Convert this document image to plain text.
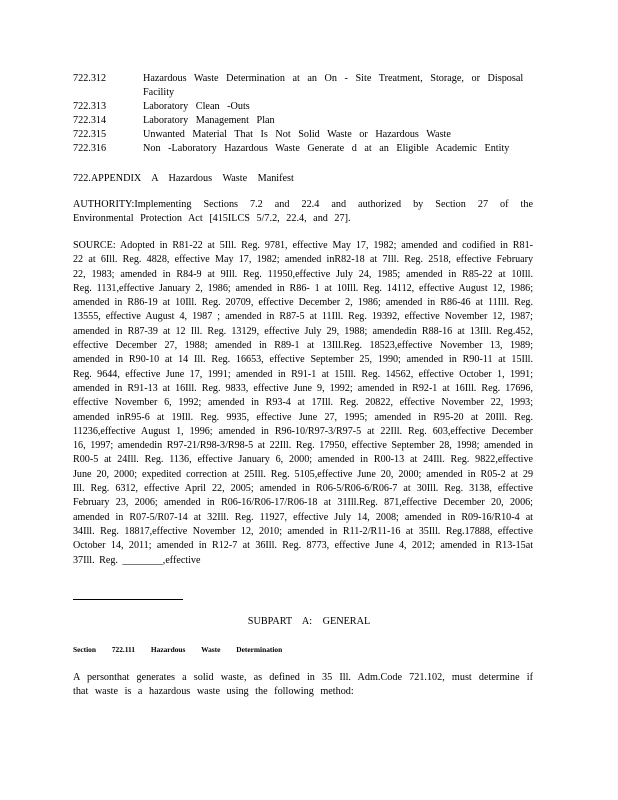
722.312	Hazardous Waste Determination at an On - Site Treatment, Storage, or Disposal Facility
722.313	Laboratory Clean -Outs
722.314	Laboratory Management Plan
722.315	Unwanted Material That Is Not Solid Waste or Hazardous Waste
722.316	Non -Laboratory Hazardous Waste Generate d at an Eligible Academic Entity
722.APPENDIX A Hazardous Waste Manifest
AUTHORITY:Implementing Sections 7.2 and 22.4 and authorized by Section 27 of the Environmental Protection Act [415ILCS 5/7.2, 22.4, and 27].
SOURCE: Adopted in R81-22 at 5Ill. Reg. 9781, effective May 17, 1982; amended and codified in R81-22 at 6Ill. Reg. 4828, effective May 17, 1982; amended inR82-18 at 7Ill. Reg. 2518, effective February 22, 1983; amended in R84-9 at 9Ill. Reg. 11950,effective July 24, 1985; amended in R85-22 at 10Ill. Reg. 1131,effective January 2, 1986; amended in R86- 1 at 10Ill. Reg. 14112, effective August 12, 1986; amended in R86-19 at 10Ill. Reg. 20709, effective December 2, 1986; amended in R86-46 at 11Ill. Reg. 13555, effective August 4, 1987 ; amended in R87-5 at 11Ill. Reg. 19392, effective November 12, 1987; amended in R87-39 at 12 Ill. Reg. 13129, effective July 29, 1988; amendedin R88-16 at 13Ill. Reg.452, effective December 27, 1988; amended in R89-1 at 13Ill.Reg. 18523,effective November 13, 1989; amended in R90-10 at 14 Ill. Reg. 16653, effective September 25, 1990; amended in R90-11 at 15Ill. Reg. 9644, effective June 17, 1991; amended in R91-1 at 15Ill. Reg. 14562, effective October 1, 1991; amended in R91-13 at 16Ill. Reg. 9833, effective June 9, 1992; amended in R92-1 at 16Ill. Reg. 17696, effective November 6, 1992; amended in R93-4 at 17Ill. Reg. 20822, effective November 22, 1993; amended inR95-6 at 19Ill. Reg. 9935, effective June 27, 1995; amended in R95-20 at 20Ill. Reg. 11236,effective August 1, 1996; amended in R96-10/R97-3/R97-5 at 22Ill. Reg. 603,effective December 16, 1997; amendedin R97-21/R98-3/R98-5 at 22Ill. Reg. 17950, effective September 28, 1998; amended in R00-5 at 24Ill. Reg. 1136, effective January 6, 2000; amended in R00-13 at 24Ill. Reg. 9822,effective June 20, 2000; expedited correction at 25Ill. Reg. 5105,effective June 20, 2000; amended in R05-2 at 29 Ill. Reg. 6312, effective April 22, 2005; amended in R06-5/R06-6/R06-7 at 30Ill. Reg. 3138, effective February 23, 2006; amended in R06-16/R06-17/R06-18 at 31Ill.Reg. 871,effective December 20, 2006; amended in R07-5/R07-14 at 32Ill. Reg. 11927, effective July 14, 2008; amended in R09-16/R10-4 at 34Ill. Reg. 18817,effective November 12, 2010; amended in R11-2/R11-16 at 35Ill. Reg.17888, effective October 14, 2011; amended in R12-7 at 36Ill. Reg. 8773, effective June 4, 2012; amended in R13-15at 37Ill. Reg. ________,effective
SUBPART A: GENERAL
Section 722.111 Hazardous Waste Determination
A personthat generates a solid waste, as defined in 35 Ill. Adm.Code 721.102, must determine if that waste is a hazardous waste using the following method:
